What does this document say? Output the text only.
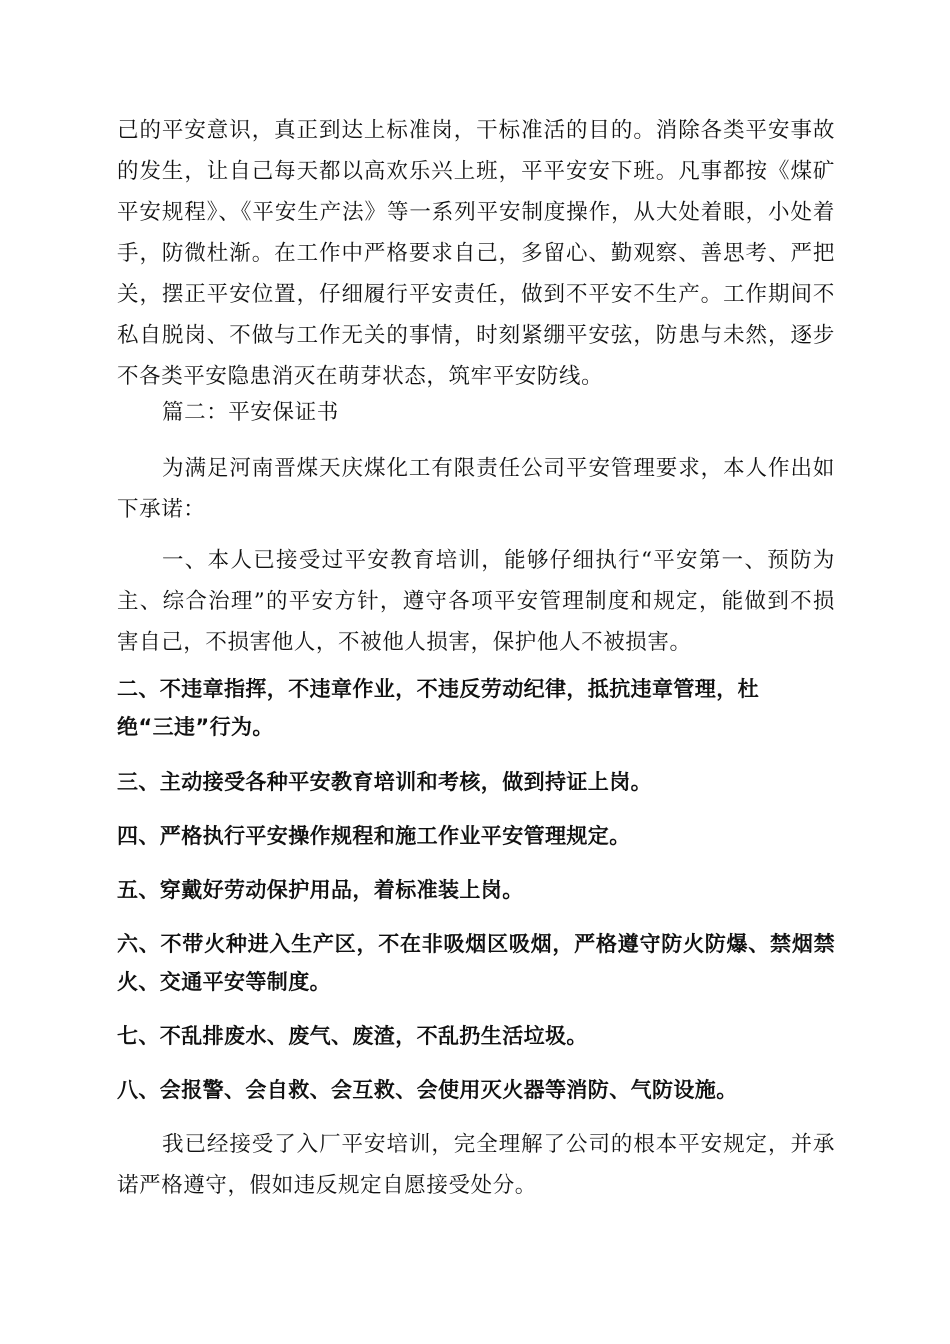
己的平安意识，真正到达上标准岗，干标准活的目的。消除各类平安事故的发生，让自己每天都以高欢乐兴上班，平平安安下班。凡事都按《煤矿平安规程》、《平安生产法》等一系列平安制度操作，从大处着眼，小处着手，防微杜渐。在工作中严格要求自己，多留心、勤观察、善思考、严把关，摆正平安位置，仔细履行平安责任，做到不平安不生产。工作期间不私自脱岗、不做与工作无关的事情，时刻紧绷平安弦，防患与未然，逐步不各类平安隐患消灭在萌芽状态，筑牢平安防线。

篇二：平安保证书

为满足河南晋煤天庆煤化工有限责任公司平安管理要求，本人作出如下承诺：

一、本人已接受过平安教育培训，能够仔细执行“平安第一、预防为主、综合治理”的平安方针，遵守各项平安管理制度和规定，能做到不损害自己，不损害他人，不被他人损害，保护他人不被损害。

二、不违章指挥，不违章作业，不违反劳动纪律，抵抗违章管理，杜

绝“三违”行为。

三、主动接受各种平安教育培训和考核，做到持证上岗。

四、严格执行平安操作规程和施工作业平安管理规定。

五、穿戴好劳动保护用品，着标准装上岗。

六、不带火种进入生产区，不在非吸烟区吸烟，严格遵守防火防爆、禁烟禁火、交通平安等制度。

七、不乱排废水、废气、废渣，不乱扔生活垃圾。

八、会报警、会自救、会互救、会使用灭火器等消防、气防设施。

我已经接受了入厂平安培训，完全理解了公司的根本平安规定，并承诺严格遵守，假如违反规定自愿接受处分。
